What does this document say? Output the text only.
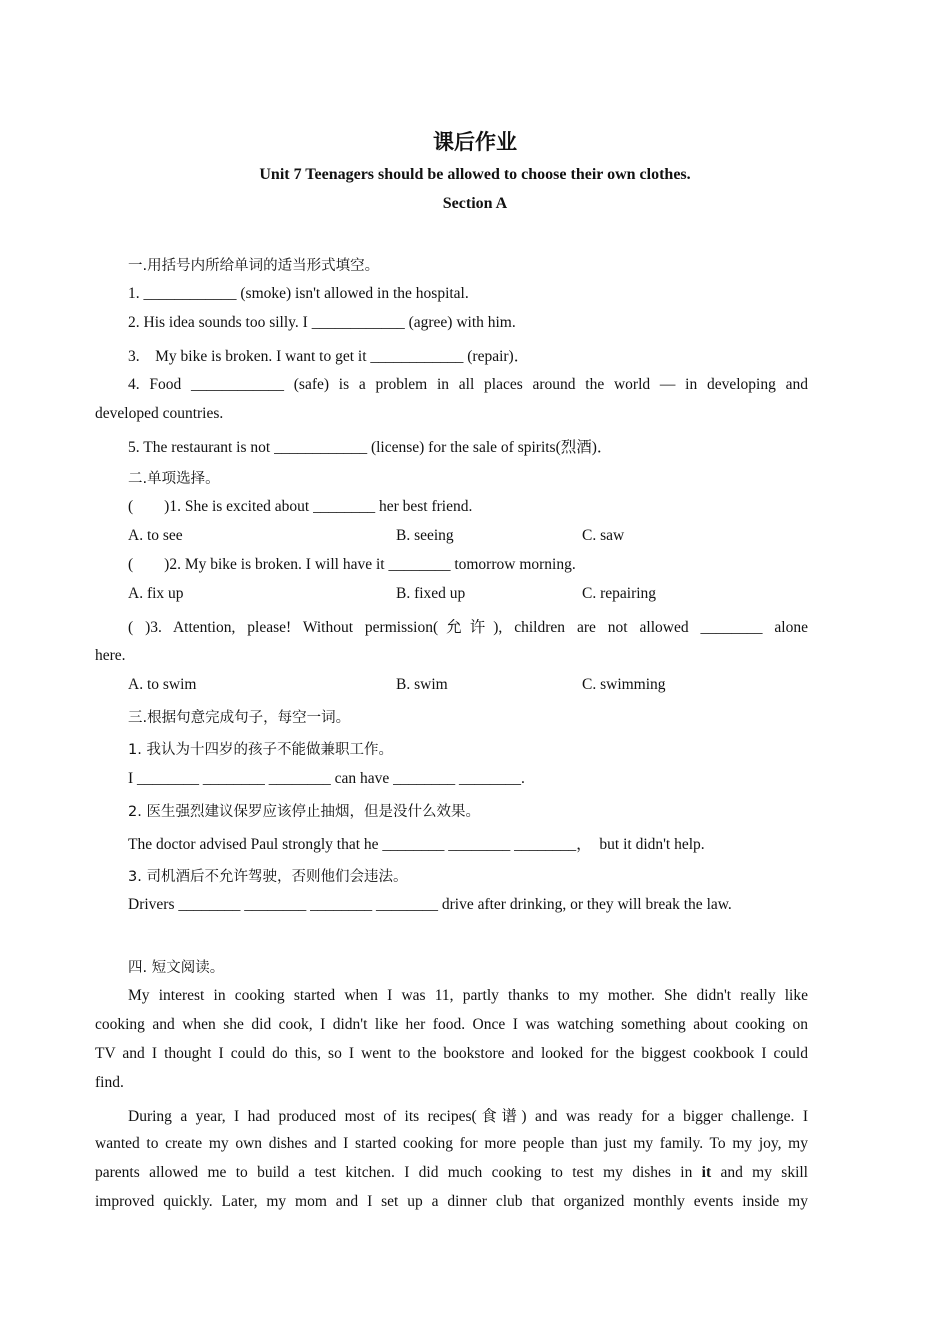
课后作业
Unit 7 Teenagers should be allowed to choose their own clothes.
Section A
一.用括号内所给单词的适当形式填空。
1. ____________ (smoke) isn't allowed in the hospital.
2. His idea sounds too silly. I ____________ (agree) with him.
3.    My bike is broken. I want to get it ____________ (repair)．
4. Food ____________ (safe) is a problem in all places around the world — in developing and
developed countries.
5. The restaurant is not ____________ (license) for the sale of spirits(烈酒)．
二.单项选择。
(        )1. She is excited about ________ her best friend.
A. to see	B. seeing	C. saw
(        )2. My bike is broken. I will have it ________ tomorrow morning.
A. fix up	B. fixed up	C. repairing
( )3. Attention, please! Without permission(允许), children are not allowed ________ alone
here.
A. to swim	B. swim	C. swimming
三.根据句意完成句子，每空一词。
1. 我认为十四岁的孩子不能做兼职工作。
I ________ ________ ________ can have ________ ________.
2. 医生强烈建议保罗应该停止抽烟，但是没什么效果。
The doctor advised Paul strongly that he ________ ________ ________，  but it didn't help.
3. 司机酒后不允许驾驶，否则他们会违法。
Drivers ________ ________ ________ ________ drive after drinking, or they will break the law.
四. 短文阅读。
My interest in cooking started when I was 11, partly thanks to my mother. She didn't really like
cooking and when she did cook, I didn't like her food. Once I was watching something about cooking on
TV and I thought I could do this, so I went to the bookstore and looked for the biggest cookbook I could
find.
During a year, I had produced most of its recipes(食谱) and was ready for a bigger challenge. I
wanted to create my own dishes and I started cooking for more people than just my family. To my joy, my
parents allowed me to build a test kitchen. I did much cooking to test my dishes in it and my skill
improved quickly. Later, my mom and I set up a dinner club that organized monthly events inside my
